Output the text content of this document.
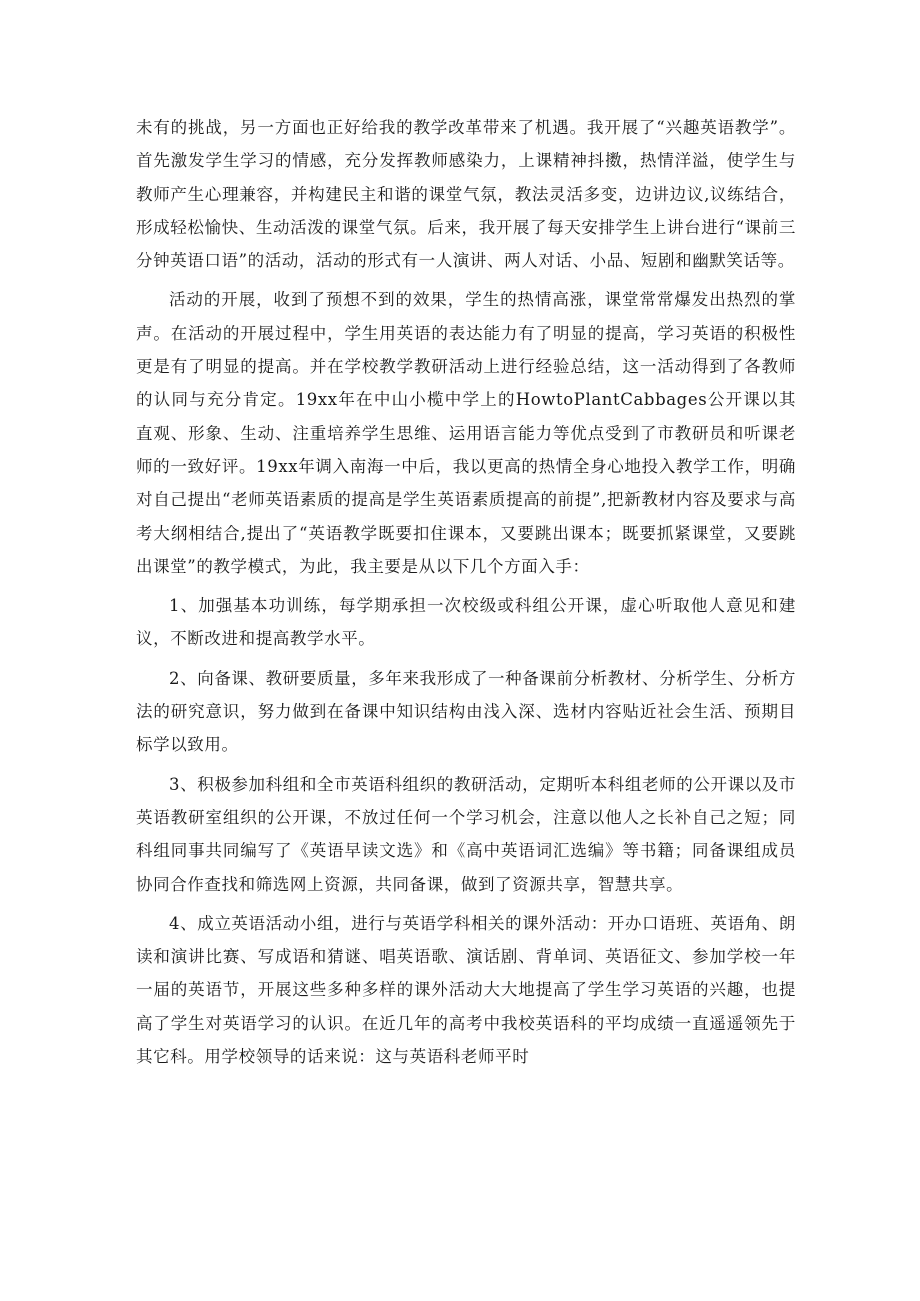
未有的挑战，另一方面也正好给我的教学改革带来了机遇。我开展了“兴趣英语教学”。首先激发学生学习的情感，充分发挥教师感染力，上课精神抖擞，热情洋溢，使学生与教师产生心理兼容，并构建民主和谐的课堂气氛，教法灵活多变，边讲边议,议练结合，形成轻松愉快、生动活泼的课堂气氛。后来，我开展了每天安排学生上讲台进行“课前三分钟英语口语”的活动，活动的形式有一人演讲、两人对话、小品、短剧和幽默笑话等。

活动的开展，收到了预想不到的效果，学生的热情高涨，课堂常常爆发出热烈的掌声。在活动的开展过程中，学生用英语的表达能力有了明显的提高，学习英语的积极性更是有了明显的提高。并在学校教学教研活动上进行经验总结，这一活动得到了各教师的认同与充分肯定。19xx年在中山小榄中学上的HowtoPlantCabbages公开课以其直观、形象、生动、注重培养学生思维、运用语言能力等优点受到了市教研员和听课老师的一致好评。19xx年调入南海一中后，我以更高的热情全身心地投入教学工作，明确对自己提出“老师英语素质的提高是学生英语素质提高的前提”,把新教材内容及要求与高考大纲相结合,提出了“英语教学既要扣住课本，又要跳出课本；既要抓紧课堂，又要跳出课堂”的教学模式，为此，我主要是从以下几个方面入手：

1、加强基本功训练，每学期承担一次校级或科组公开课，虚心听取他人意见和建议，不断改进和提高教学水平。

2、向备课、教研要质量，多年来我形成了一种备课前分析教材、分析学生、分析方法的研究意识，努力做到在备课中知识结构由浅入深、选材内容贴近社会生活、预期目标学以致用。

3、积极参加科组和全市英语科组织的教研活动，定期听本科组老师的公开课以及市英语教研室组织的公开课，不放过任何一个学习机会，注意以他人之长补自己之短；同科组同事共同编写了《英语早读文选》和《高中英语词汇选编》等书籍；同备课组成员协同合作查找和筛选网上资源，共同备课，做到了资源共享，智慧共享。

4、成立英语活动小组，进行与英语学科相关的课外活动：开办口语班、英语角、朗读和演讲比赛、写成语和猜谜、唱英语歌、演话剧、背单词、英语征文、参加学校一年一届的英语节，开展这些多种多样的课外活动大大地提高了学生学习英语的兴趣，也提高了学生对英语学习的认识。在近几年的高考中我校英语科的平均成绩一直遥遥领先于其它科。用学校领导的话来说：这与英语科老师平时
